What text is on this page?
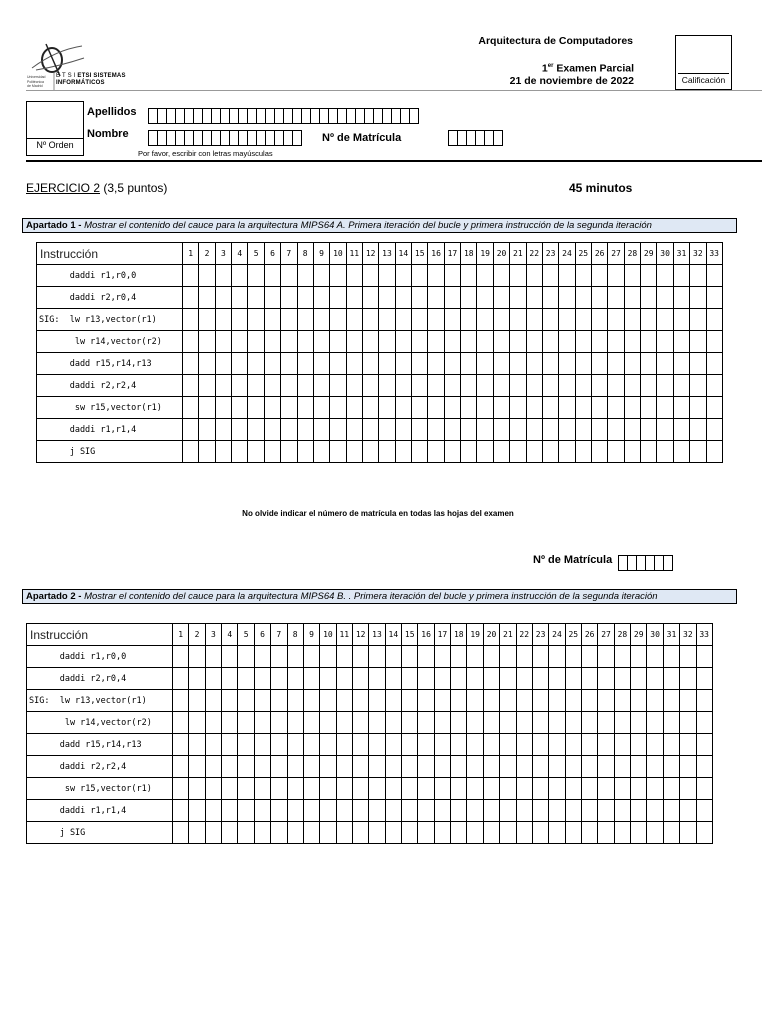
Universidad
Politécnica
de Madrid
E T S I ETSI SISTEMAS
INFORMÁTICOS
Arquitectura de Computadores
1er Examen Parcial
21 de noviembre de 2022	Calificación
Nº Orden
Apellidos
Nombre	Nº de Matrícula
Por favor, escribir con letras mayúsculas
EJERCICIO 2 (3,5 puntos)	45 minutos
Apartado 1 - Mostrar el contenido del cauce para la arquitectura MIPS64 A. Primera iteración del bucle y primera instrucción de la segunda iteración
Instrucción	1	2	3	4	5	6	7	8	9	10	11	12	13	14	15	16	17	18	19	20	21	22	23	24	25	26	27	28	29	30	31	32	33
daddi r1,r0,0																																	
daddi r2,r0,4																																	
SIG:  lw r13,vector(r1)																																	
lw r14,vector(r2)																																	
dadd r15,r14,r13																																	
daddi r2,r2,4																																	
sw r15,vector(r1)																																	
daddi r1,r1,4																																	
j SIG																																	
No olvide indicar el número de matrícula en todas las hojas del examen
Nº de Matrícula
Apartado 2 - Mostrar el contenido del cauce para la arquitectura MIPS64 B. . Primera iteración del bucle y primera instrucción de la segunda iteración
Instrucción	1	2	3	4	5	6	7	8	9	10	11	12	13	14	15	16	17	18	19	20	21	22	23	24	25	26	27	28	29	30	31	32	33
daddi r1,r0,0																																	
daddi r2,r0,4																																	
SIG:  lw r13,vector(r1)																																	
lw r14,vector(r2)																																	
dadd r15,r14,r13																																	
daddi r2,r2,4																																	
sw r15,vector(r1)																																	
daddi r1,r1,4																																	
j SIG																																	
